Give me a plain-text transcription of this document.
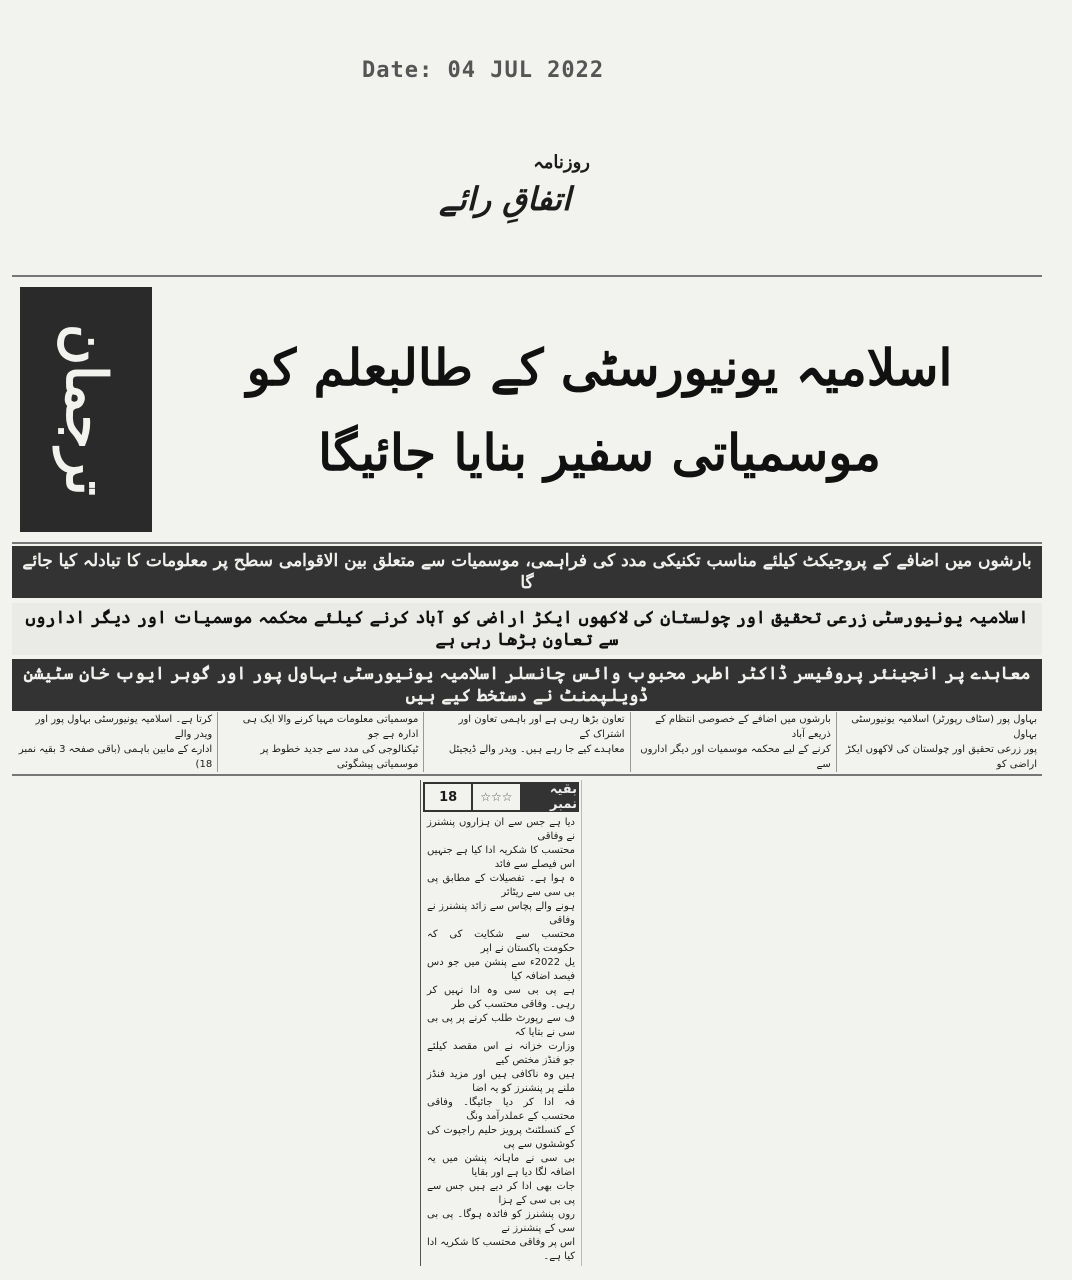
Date: 04 JUL 2022
روزنامہ
اتفاقِ رائے
ترجمان	اسلامیہ یونیورسٹی کے طالبعلم کو موسمیاتی سفیر بنایا جائیگا
بارشوں میں اضافے کے پروجیکٹ کیلئے مناسب تکنیکی مدد کی فراہمی، موسمیات سے متعلق بین الاقوامی سطح پر معلومات کا تبادلہ کیا جائے گا
اسلامیہ یونیورسٹی زرعی تحقیق اور چولستان کی لاکھوں ایکڑ اراضی کو آباد کرنے کیلئے محکمہ موسمیات اور دیگر اداروں سے تعاون بڑھا رہی ہے
معاہدے پر انجینئر پروفیسر ڈاکٹر اطہر محبوب وائس چانسلر اسلامیہ یونیورسٹی بہاول پور اور گوہر ایوب خان سٹیشن ڈویلپمنٹ نے دستخط کیے ہیں
بہاول پور (سٹاف رپورٹر) اسلامیہ یونیورسٹی بہاول
پور زرعی تحقیق اور چولستان کی لاکھوں ایکڑ اراضی کو
بارشوں میں اضافے کے خصوصی انتظام کے ذریعے آباد
کرنے کے لیے محکمہ موسمیات اور دیگر اداروں سے
تعاون بڑھا رہی ہے اور باہمی تعاون اور اشتراک کے
معاہدے کیے جا رہے ہیں۔ ویدر والے ڈیجیٹل
موسمیاتی معلومات مہیا کرنے والا ایک ہی ادارہ ہے جو
ٹیکنالوجی کی مدد سے جدید خطوط پر موسمیاتی پیشگوئی
کرتا ہے۔ اسلامیہ یونیورسٹی بہاول پور اور ویدر والے
ادارے کے مابین باہمی (باقی صفحہ 3 بقیہ نمبر 18)
بقیہ نمبر
☆☆☆
18
دیا ہے جس سے ان ہزاروں پنشنرز نے وفاقی
محتسب کا شکریہ ادا کیا ہے جنہیں اس فیصلے سے فائد
ہ ہوا ہے۔ تفصیلات کے مطابق پی بی سی سے ریٹائر
ہونے والے پچاس سے زائد پنشنرز نے وفاقی
محتسب سے شکایت کی کہ حکومت پاکستان نے اپر
یل 2022ء سے پنشن میں جو دس فیصد اضافہ کیا
ہے پی بی سی وہ ادا نہیں کر رہی۔ وفاقی محتسب کی طر
ف سے رپورٹ طلب کرنے پر پی بی سی نے بتایا کہ
وزارت خزانہ نے اس مقصد کیلئے جو فنڈز مختص کیے
ہیں وہ ناکافی ہیں اور مزید فنڈز ملنے پر پنشنرز کو یہ اضا
فہ ادا کر دیا جائیگا۔ وفاقی محتسب کے عملدرآمد ونگ
کے کنسلٹنٹ پرویز حلیم راجپوت کی کوششوں سے پی
بی سی نے ماہانہ پنشن میں یہ اضافہ لگا دیا ہے اور بقایا
جات بھی ادا کر دیے ہیں جس سے پی بی سی کے ہزا
روں پنشنرز کو فائدہ ہوگا۔ پی بی سی کے پنشنرز نے
اس پر وفاقی محتسب کا شکریہ ادا کیا ہے۔
